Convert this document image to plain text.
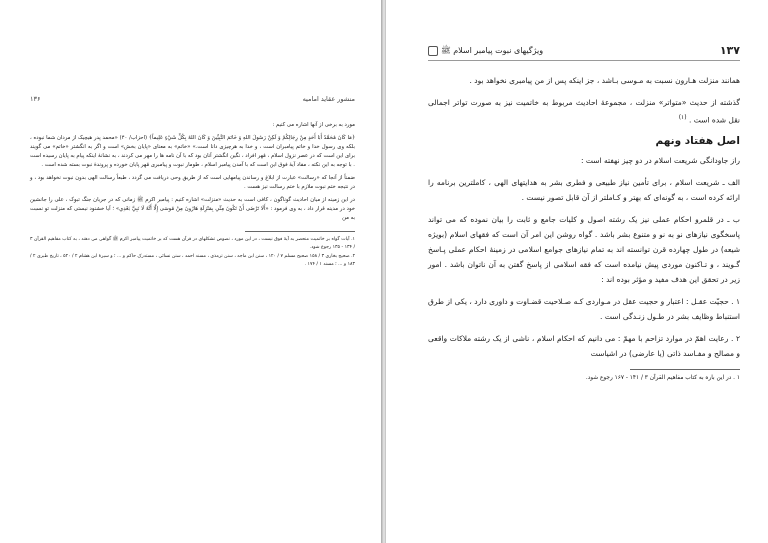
۱۳۶	منشور عقاید امامیه

مورد به برخی از آنها اشاره می کنیم :

﴿مَا كَانَ مُحَمَّدٌ أَبَا أَحَدٍ مِنْ رِجَالِكُمْ وَ لَكِنْ رَسُولَ اللهِ وَ خَاتَمَ النَّبِيِّينَ وَ كَانَ اللهُ بِكُلِّ شَيْءٍ عَلِيماً﴾ (احزاب/ ۴۰) «محمد پدر هیچیک از مردان شما نبوده ، بلکه وی رسول خدا و خاتم پیامبران است ، و خدا به هرچیزی دانا است.» «خاتم» به معنای «پایان بخش» است و اگر به انگشتر «خاتم» می گویند برای این است که در عصر نزول اسلام ، مُهر افراد ، نگین انگشتر آنان بود که با آن نامه ها را مهر می کردند ، به نشانهٔ اینکه پیام به پایان رسیده است . با توجه به این نکته ، مفاد آیهٔ فوق این است که با آمدن پیامبر اسلام ، طومار نبوت و پیامبری مُهر پایان خورده و پروندهٔ نبوت بسته شده است .

ضمناً از آنجا که «رسالت» عبارت از ابلاغ و رساندن پیامهایی است که از طریق وحی دریافت می گردد ، طبعاً رسالت الهی بدون نبوت نخواهد بود ، و در نتیجه ختم نبوت ملازم با ختم رسالت نیز هست .

در این زمینه از میان احادیث گوناگون ، کافی است به حدیث «منزلت» اشاره کنیم : پیامبر اکرم ﷺ زمانی که در جریان جنگ تبوک ، علی را جانشین خود در مدینه قرار داد ، به وی فرمود : «أَلَا تَرْضَى أَنْ تَكُونَ مِنِّي بِمَنْزِلَةِ هَارُونَ مِنْ مُوسَى إِلَّا أَنَّهُ لَا نَبِيَّ بَعْدِي» ؛ آیا خشنود نیستی که منزلت تو نسبت به من

۱. آیات گواه بر خاتمیت منحصر به آیهٔ فوق نیست ، در این مورد ، نصوص تشکلهای در قرآن هست که بر خاتمیت پیامبر اکرم ﷺ گواهی می دهند ، به کتاب مفاهیم القرآن ۳ / ۱۳۴ - ۱۳۵ رجوع شود.

۲. صحیح بخاری ۳ / ۱۵۸ صحیح مسلم ۷ / ۱۲۰ ، سنن ابن ماجه ، سنن ترمذی ، مسند احمد ، سنن نسائی ، مستدرک حاکم و ... ؛ و سیرهٔ ابن هشام ۲ / ۵۲۰ ، تاریخ طبری ۲ / ۱۸۳ و ... ؛ مسند ۱ / ۱۷۴ .

ویژگیهای نبوت پیامبر اسلام ﷺ	۱۳۷

همانند منزلت هـارون نسبت به مـوسی بـاشد ، جز اینکه پس از من پیامبری نخواهد بود .

گذشته از حدیث «متواتر» منزلت ، مجموعهٔ احادیث مربوط به خاتمیت نیز به صورت تواتر اجمالی نقل شده است . $^{(۱)}$

اصل هفتاد ونهم

راز جاودانگی شریعت اسلام در دو چیز نهفته است :

الف ـ شریعت اسلام ، برای تأمین نیاز طبیعی و فطری بشر به هدایتهای الهی ، کاملترین برنامه را ارائه کرده است ، به گونه‌ای که بهتر و کـاملتر از آن قابل تصور نیست .

ب ـ در قلمرو احکام عملی نیز یک رشته اصول و کلیات جامع و ثابت را بیان نموده که می تواند پاسخگوی نیازهای نو به نو و متنوع بشر باشد . گواه روشن این امر آن است که فقهای اسلام (بویژه شیعه) در طول چهارده قرن توانسته اند به تمام نیازهای جوامع اسلامی در زمینهٔ احکام عملی پـاسخ گـویند ، و تـاکنون موردی پیش نیامده است که فقه اسلامی از پاسخ گفتن به آن ناتوان باشد . امور زیر در تحقق این هدف مفید و مؤثر بوده اند :

۱ . حجیّت عقـل : اعتبار و حجیت عقل در مـواردی کـه صـلاحیت قضـاوت و داوری دارد ، یکی از طرق استنباط وظایف بشر در طـول زنـدگی است .

۲ . رعایت اهمّ در موارد تزاحم با مهمّ : می دانیم که احکام اسلام ، ناشی از یک رشته ملاکات واقعی و مصالح و مفـاسد ذاتی (یا عارضی) در اشیاست

۱ . در این باره به کتاب مفاهیم القرآن ۳ / ۱۴۱ - ۱۶۷ رجوع شود.
